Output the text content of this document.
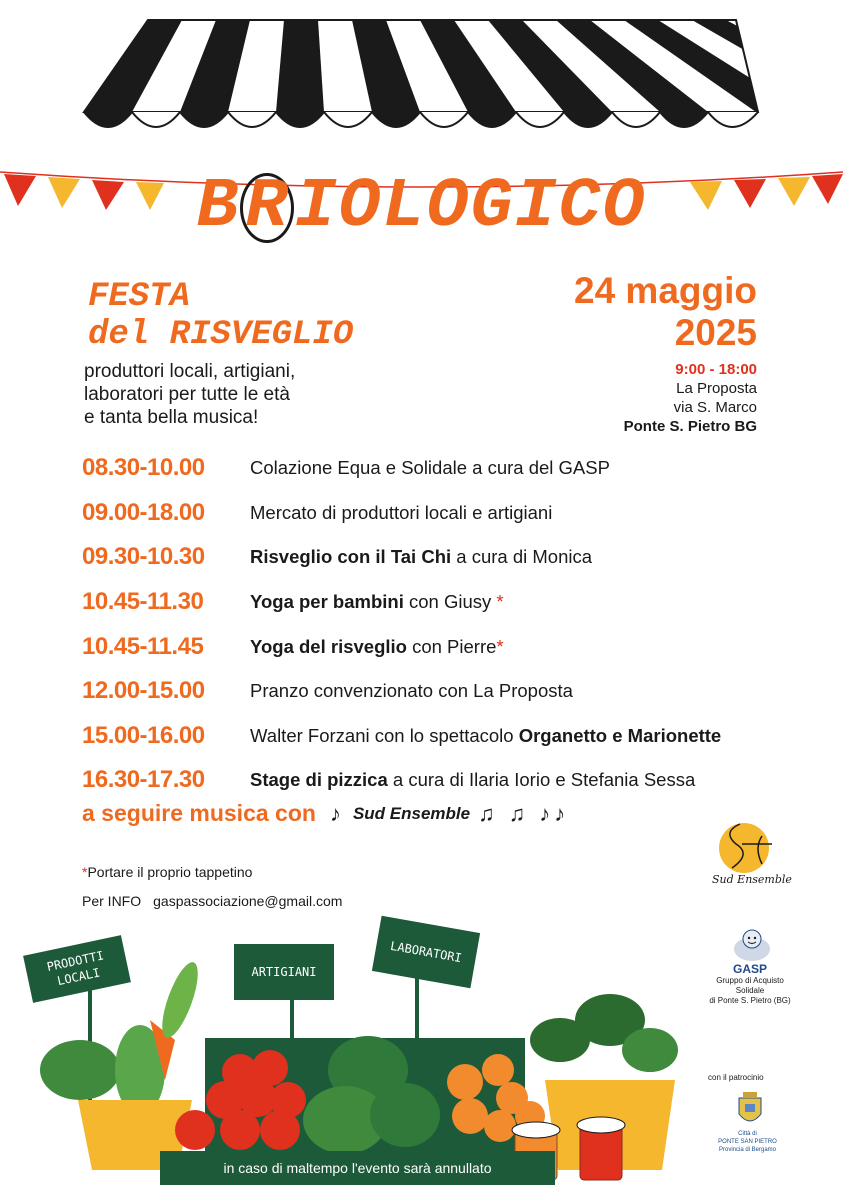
BRIOLOGICO
FESTA
del RISVEGLIO
produttori locali, artigiani,
laboratori per tutte le età
e tanta bella musica!
24 maggio
2025
9:00 - 18:00
La Proposta
via S. Marco
Ponte S. Pietro BG
08.30-10.00	Colazione Equa e Solidale a cura del GASP
09.00-18.00	Mercato di produttori locali e artigiani
09.30-10.30	Risveglio con il Tai Chi a cura di Monica
10.45-11.30	Yoga per bambini con Giusy *
10.45-11.45	Yoga del risveglio con Pierre*
12.00-15.00	Pranzo convenzionato con La Proposta
15.00-16.00	Walter Forzani con lo spettacolo Organetto e Marionette
16.30-17.30	Stage di pizzica a cura di Ilaria Iorio e Stefania Sessa
a seguire musica con ♪ Sud Ensemble ♫ ♫ ♪♪
*Portare il proprio tappetino
Per INFO gaspassociazione@gmail.com
Sud Ensemble
GASP
Gruppo di Acquisto
Solidale
di Ponte S. Pietro (BG)
con il patrocinio
Città di
PONTE SAN PIETRO
Provincia di Bergamo
PRODOTTI LOCALI	ARTIGIANI
LABORATORI
in caso di maltempo l'evento sarà annullato
